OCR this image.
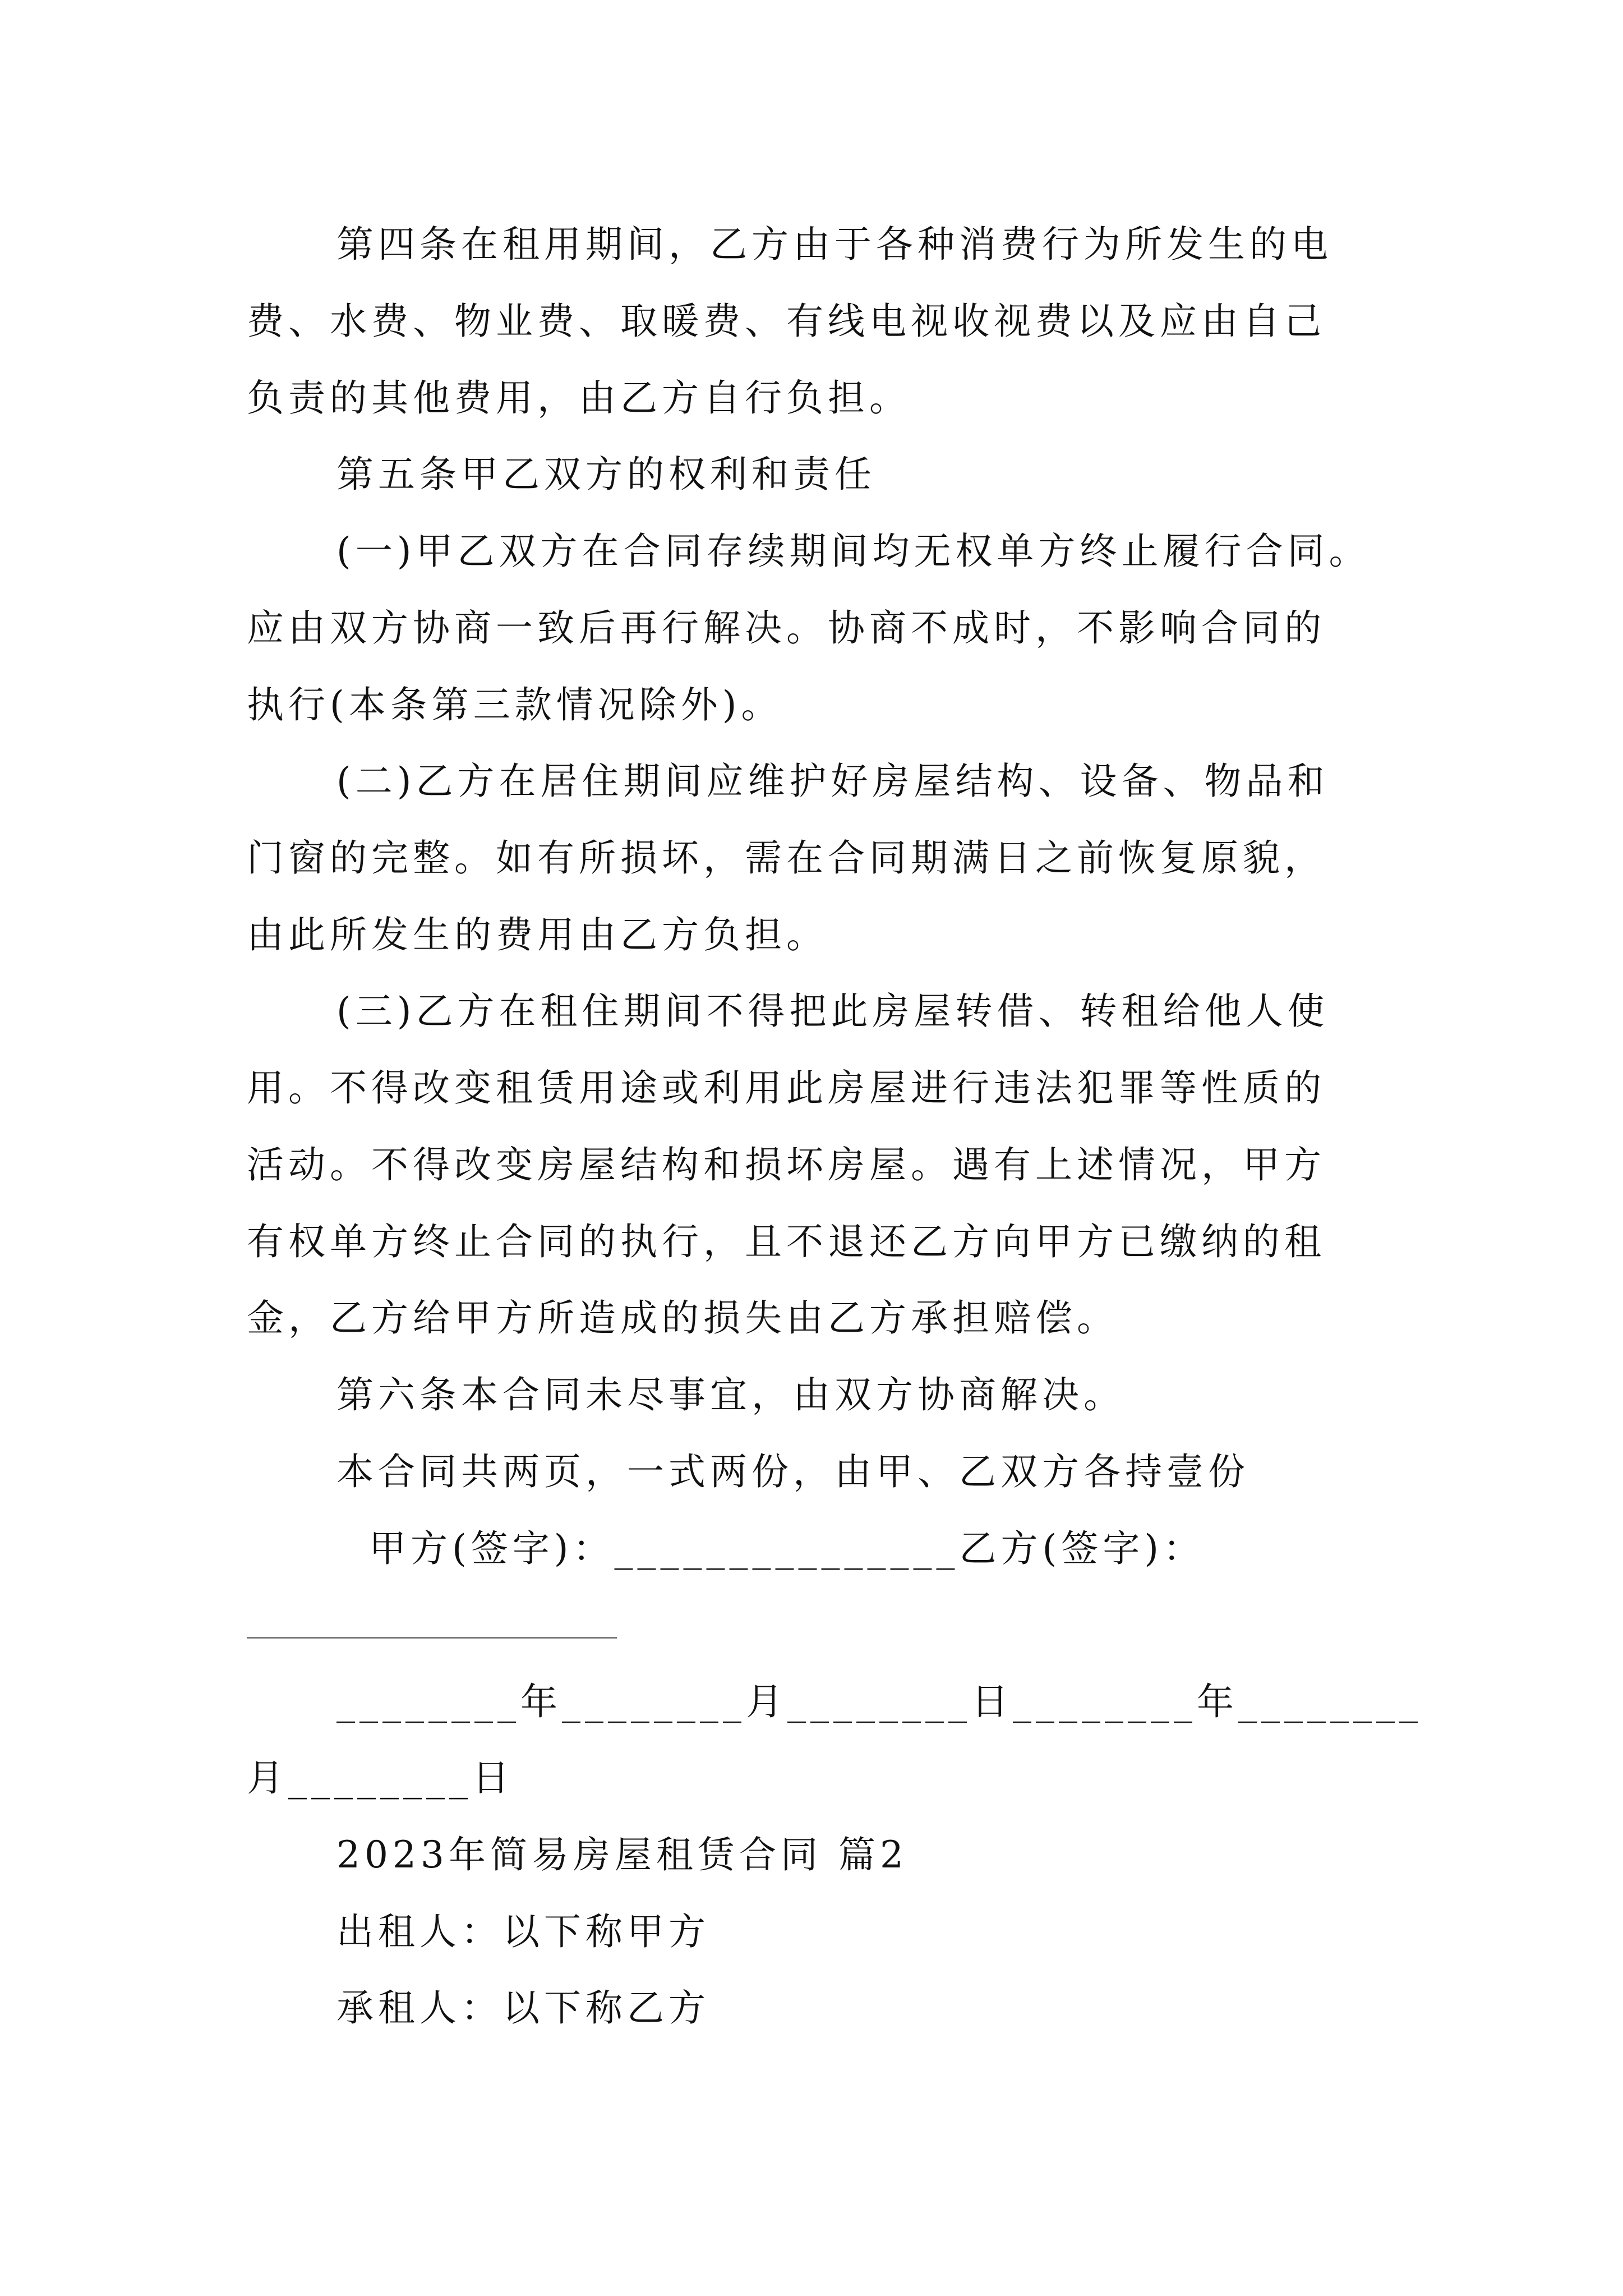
第四条在租用期间，乙方由于各种消费行为所发生的电
费、水费、物业费、取暖费、有线电视收视费以及应由自己
负责的其他费用，由乙方自行负担。
第五条甲乙双方的权利和责任
(一)甲乙双方在合同存续期间均无权单方终止履行合同。
应由双方协商一致后再行解决。协商不成时，不影响合同的
执行(本条第三款情况除外)。
(二)乙方在居住期间应维护好房屋结构、设备、物品和
门窗的完整。如有所损坏，需在合同期满日之前恢复原貌，
由此所发生的费用由乙方负担。
(三)乙方在租住期间不得把此房屋转借、转租给他人使
用。不得改变租赁用途或利用此房屋进行违法犯罪等性质的
活动。不得改变房屋结构和损坏房屋。遇有上述情况，甲方
有权单方终止合同的执行，且不退还乙方向甲方已缴纳的租
金，乙方给甲方所造成的损失由乙方承担赔偿。
第六条本合同未尽事宜，由双方协商解决。
本合同共两页，一式两份，由甲、乙双方各持壹份
甲方(签字)：_______________乙方(签字)：
________年________月________日________年________
月________日
2023年简易房屋租赁合同 篇2
出租人：以下称甲方
承租人：以下称乙方
